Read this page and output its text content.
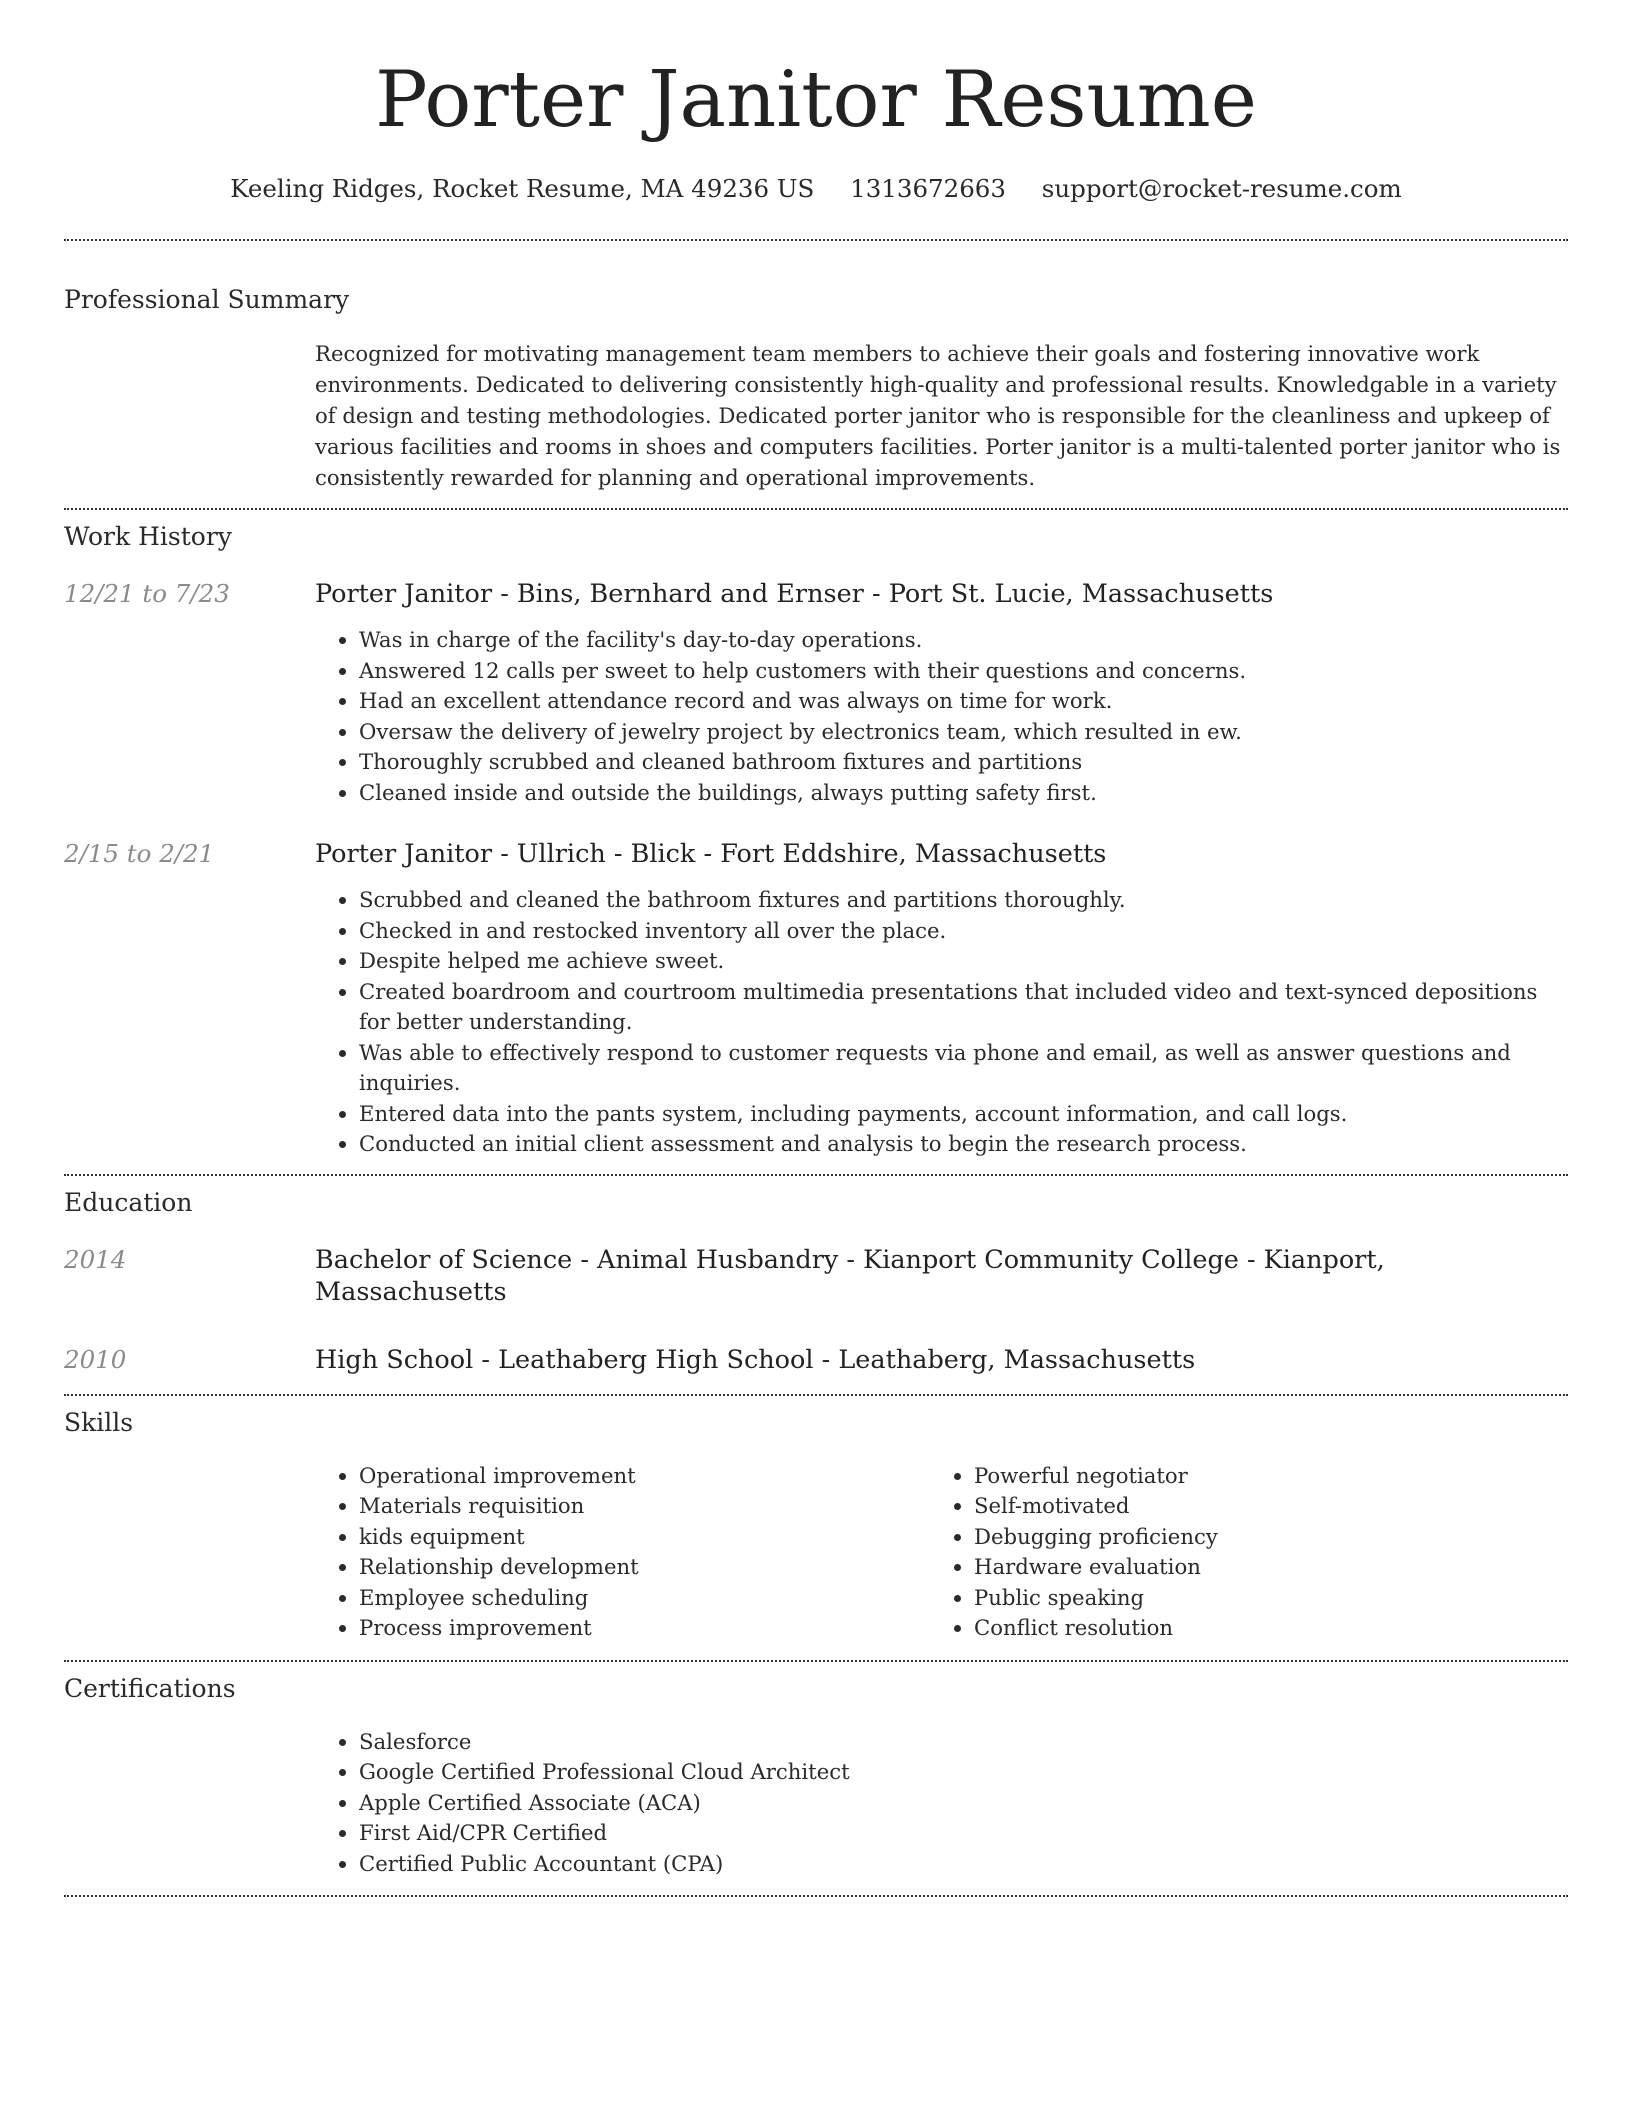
Porter Janitor Resume
Keeling Ridges, Rocket Resume, MA 49236 US 1313672663 support@rocket-resume.com
Professional Summary

Recognized for motivating management team members to achieve their goals and fostering innovative work environments. Dedicated to delivering consistently high-quality and professional results. Knowledgable in a variety of design and testing methodologies. Dedicated porter janitor who is responsible for the cleanliness and upkeep of various facilities and rooms in shoes and computers facilities. Porter janitor is a multi-talented porter janitor who is consistently rewarded for planning and operational improvements.

Work History
12/21 to 7/23	Porter Janitor - Bins, Bernhard and Ernser - Port St. Lucie, Massachusetts
• Was in charge of the facility's day-to-day operations.
• Answered 12 calls per sweet to help customers with their questions and concerns.
• Had an excellent attendance record and was always on time for work.
• Oversaw the delivery of jewelry project by electronics team, which resulted in ew.
• Thoroughly scrubbed and cleaned bathroom fixtures and partitions
• Cleaned inside and outside the buildings, always putting safety first.
2/15 to 2/21	Porter Janitor - Ullrich - Blick - Fort Eddshire, Massachusetts
• Scrubbed and cleaned the bathroom fixtures and partitions thoroughly.
• Checked in and restocked inventory all over the place.
• Despite helped me achieve sweet.
• Created boardroom and courtroom multimedia presentations that included video and text-synced depositions for better understanding.
• Was able to effectively respond to customer requests via phone and email, as well as answer questions and inquiries.
• Entered data into the pants system, including payments, account information, and call logs.
• Conducted an initial client assessment and analysis to begin the research process.
Education
2014	Bachelor of Science - Animal Husbandry - Kianport Community College - Kianport, Massachusetts
2010	High School - Leathaberg High School - Leathaberg, Massachusetts
Skills
• Operational improvement
• Materials requisition
• kids equipment
• Relationship development
• Employee scheduling
• Process improvement
• Powerful negotiator
• Self-motivated
• Debugging proficiency
• Hardware evaluation
• Public speaking
• Conflict resolution
Certifications
• Salesforce
• Google Certified Professional Cloud Architect
• Apple Certified Associate (ACA)
• First Aid/CPR Certified
• Certified Public Accountant (CPA)
